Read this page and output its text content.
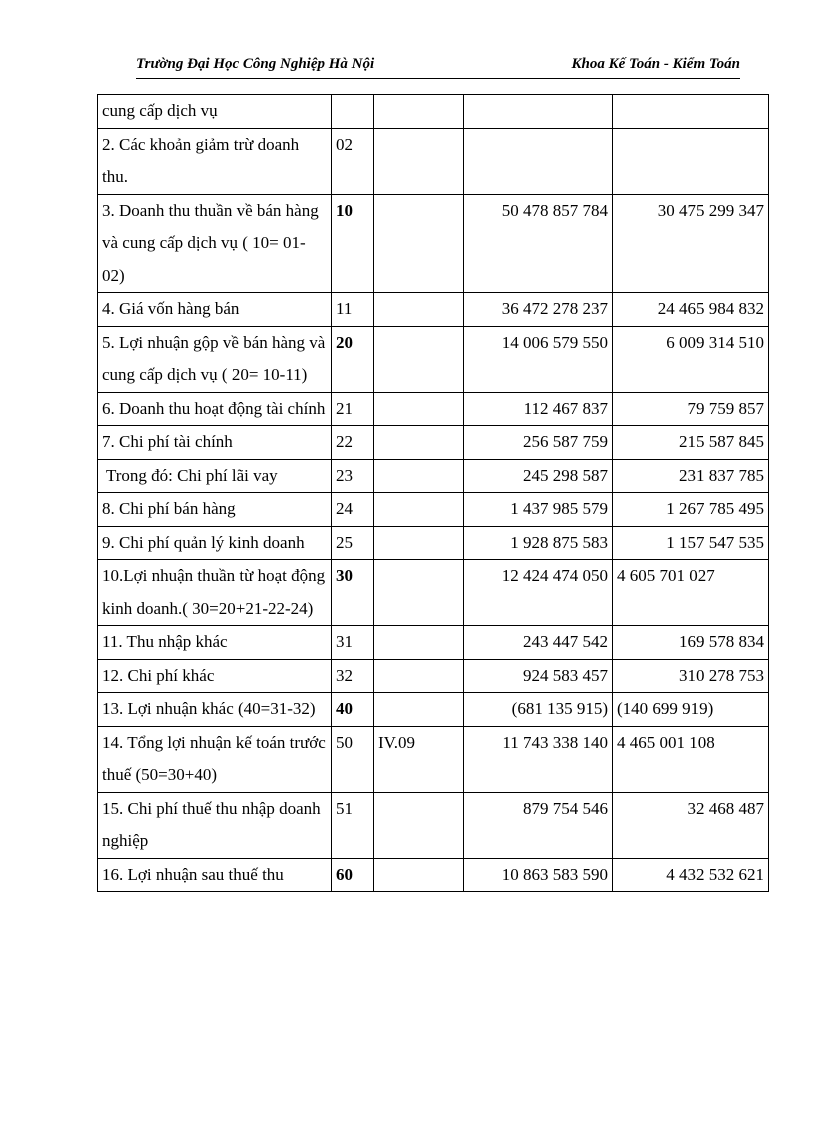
Trường Đại Học Công Nghiệp Hà Nội	Khoa Kế Toán - Kiểm Toán
cung cấp dịch vụ				
2. Các khoản giảm trừ doanh thu.	02			
3. Doanh thu thuần về bán hàng và cung cấp dịch vụ ( 10= 01-02)	10		50 478 857 784	30 475 299 347
4. Giá vốn hàng bán	11		36 472 278 237	24 465 984 832
5. Lợi nhuận gộp về bán hàng và cung cấp dịch vụ ( 20= 10-11)	20		14 006 579 550	6 009 314 510
6. Doanh thu hoạt động tài chính	21		112 467 837	79 759 857
7. Chi phí tài chính	22		256 587 759	215 587 845
Trong đó: Chi phí lãi vay	23		245 298 587	231 837 785
8. Chi phí bán hàng	24		1 437 985 579	1 267 785 495
9. Chi phí quản lý kinh doanh	25		1 928 875 583	1 157 547 535
10.Lợi nhuận thuần từ hoạt động kinh doanh.( 30=20+21-22-24)	30		12 424 474 050	4 605 701 027
11. Thu nhập khác	31		243 447 542	169 578 834
12. Chi phí khác	32		924 583 457	310 278 753
13. Lợi nhuận khác (40=31-32)	40		(681 135 915)	(140 699 919)
14. Tổng lợi nhuận kế toán trước thuế (50=30+40)	50	IV.09	11 743 338 140	4 465 001 108
15. Chi phí thuế thu nhập doanh nghiệp	51		879 754 546	32 468 487
16. Lợi nhuận sau thuế thu	60		10 863 583 590	4 432 532 621
